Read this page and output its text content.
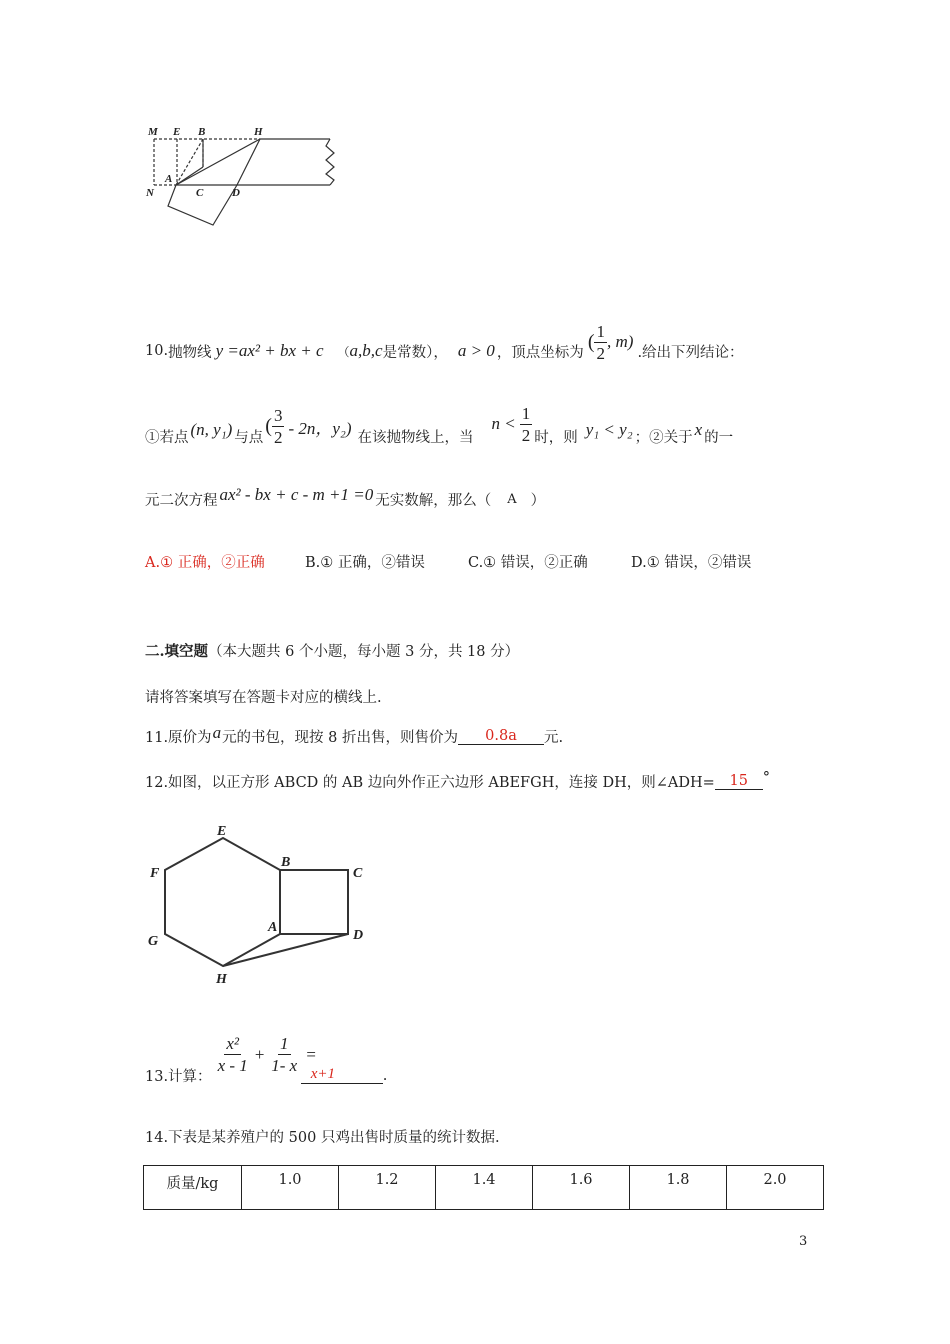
M E B	H
N
A
C	D
10. 抛物线 y =ax² + bx + c （ a,b,c 是常数）， a > 0 ，顶点坐标为 ( $\frac{1}{2}$ , m)
.给出下列结论：
①若点 (n, y₁) 与点
( $\frac{3}{2} - 2n$，y₂) 在该抛物线上，当
$n < \frac{1}{2}$ 时，则 y₁ < y₂ ；②关于 x 的一
元二次方程 ax² - bx + c - m +1 =0 无实数解，那么（ A ）
A.① 正确，②正确	B.① 正确，②错误	C.① 错误，②正确	D.① 错误，②错误
二.填空题（本大题共 6 个小题，每小题 3 分，共 18 分）
请将答案填写在答题卡对应的横线上.
11.原价为 a 元的书包，现按 8 折出售，则售价为	0.8a	元.
12.如图，以正方形 ABCD 的 AB 边向外作正六边形 ABEFGH，连接 DH，则∠ADH=	15	°
E
F
B
C
G
A
D
H
13.计算：
$\frac{\text{x²}}{x - 1} + \frac{1}{1- x}$ =
x+1	.
14.下表是某养殖户的 500 只鸡出售时质量的统计数据.
质量/kg	1.0	1.2	1.4	1.6	1.8	2.0
3
